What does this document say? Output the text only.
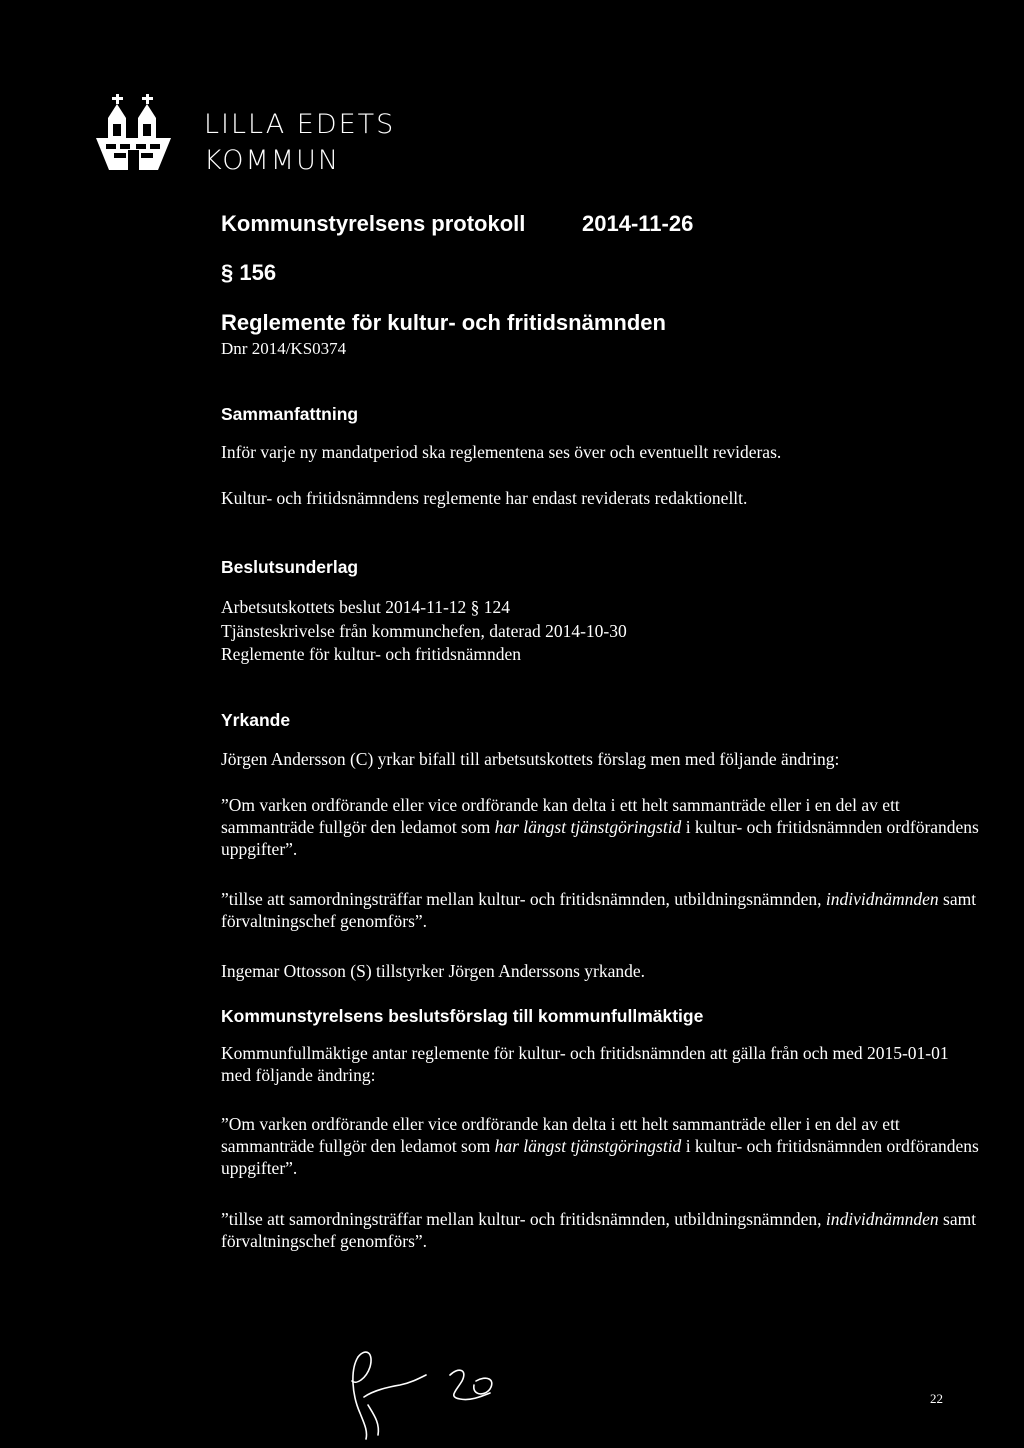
LILLA EDETS
KOMMUN
Kommunstyrelsens protokoll	2014-11-26
§ 156
Reglemente för kultur- och fritidsnämnden
Dnr 2014/KS0374
Sammanfattning
Inför varje ny mandatperiod ska reglementena ses över och eventuellt revideras.
Kultur- och fritidsnämndens reglemente har endast reviderats redaktionellt.
Beslutsunderlag
Arbetsutskottets beslut 2014-11-12 § 124
Tjänsteskrivelse från kommunchefen, daterad 2014-10-30
Reglemente för kultur- och fritidsnämnden
Yrkande
Jörgen Andersson (C) yrkar bifall till arbetsutskottets förslag men med följande ändring:
”Om varken ordförande eller vice ordförande kan delta i ett helt sammanträde eller i en del av ett sammanträde fullgör den ledamot som har längst tjänstgöringstid i kultur- och fritidsnämnden ordförandens uppgifter”.
”tillse att samordningsträffar mellan kultur- och fritidsnämnden, utbildningsnämnden, individnämnden samt förvaltningschef genomförs”.
Ingemar Ottosson (S) tillstyrker Jörgen Anderssons yrkande.
Kommunstyrelsens beslutsförslag till kommunfullmäktige
Kommunfullmäktige antar reglemente för kultur- och fritidsnämnden att gälla från och med 2015-01-01 med följande ändring:
”Om varken ordförande eller vice ordförande kan delta i ett helt sammanträde eller i en del av ett sammanträde fullgör den ledamot som har längst tjänstgöringstid i kultur- och fritidsnämnden ordförandens uppgifter”.
”tillse att samordningsträffar mellan kultur- och fritidsnämnden, utbildningsnämnden, individnämnden samt förvaltningschef genomförs”.
22
